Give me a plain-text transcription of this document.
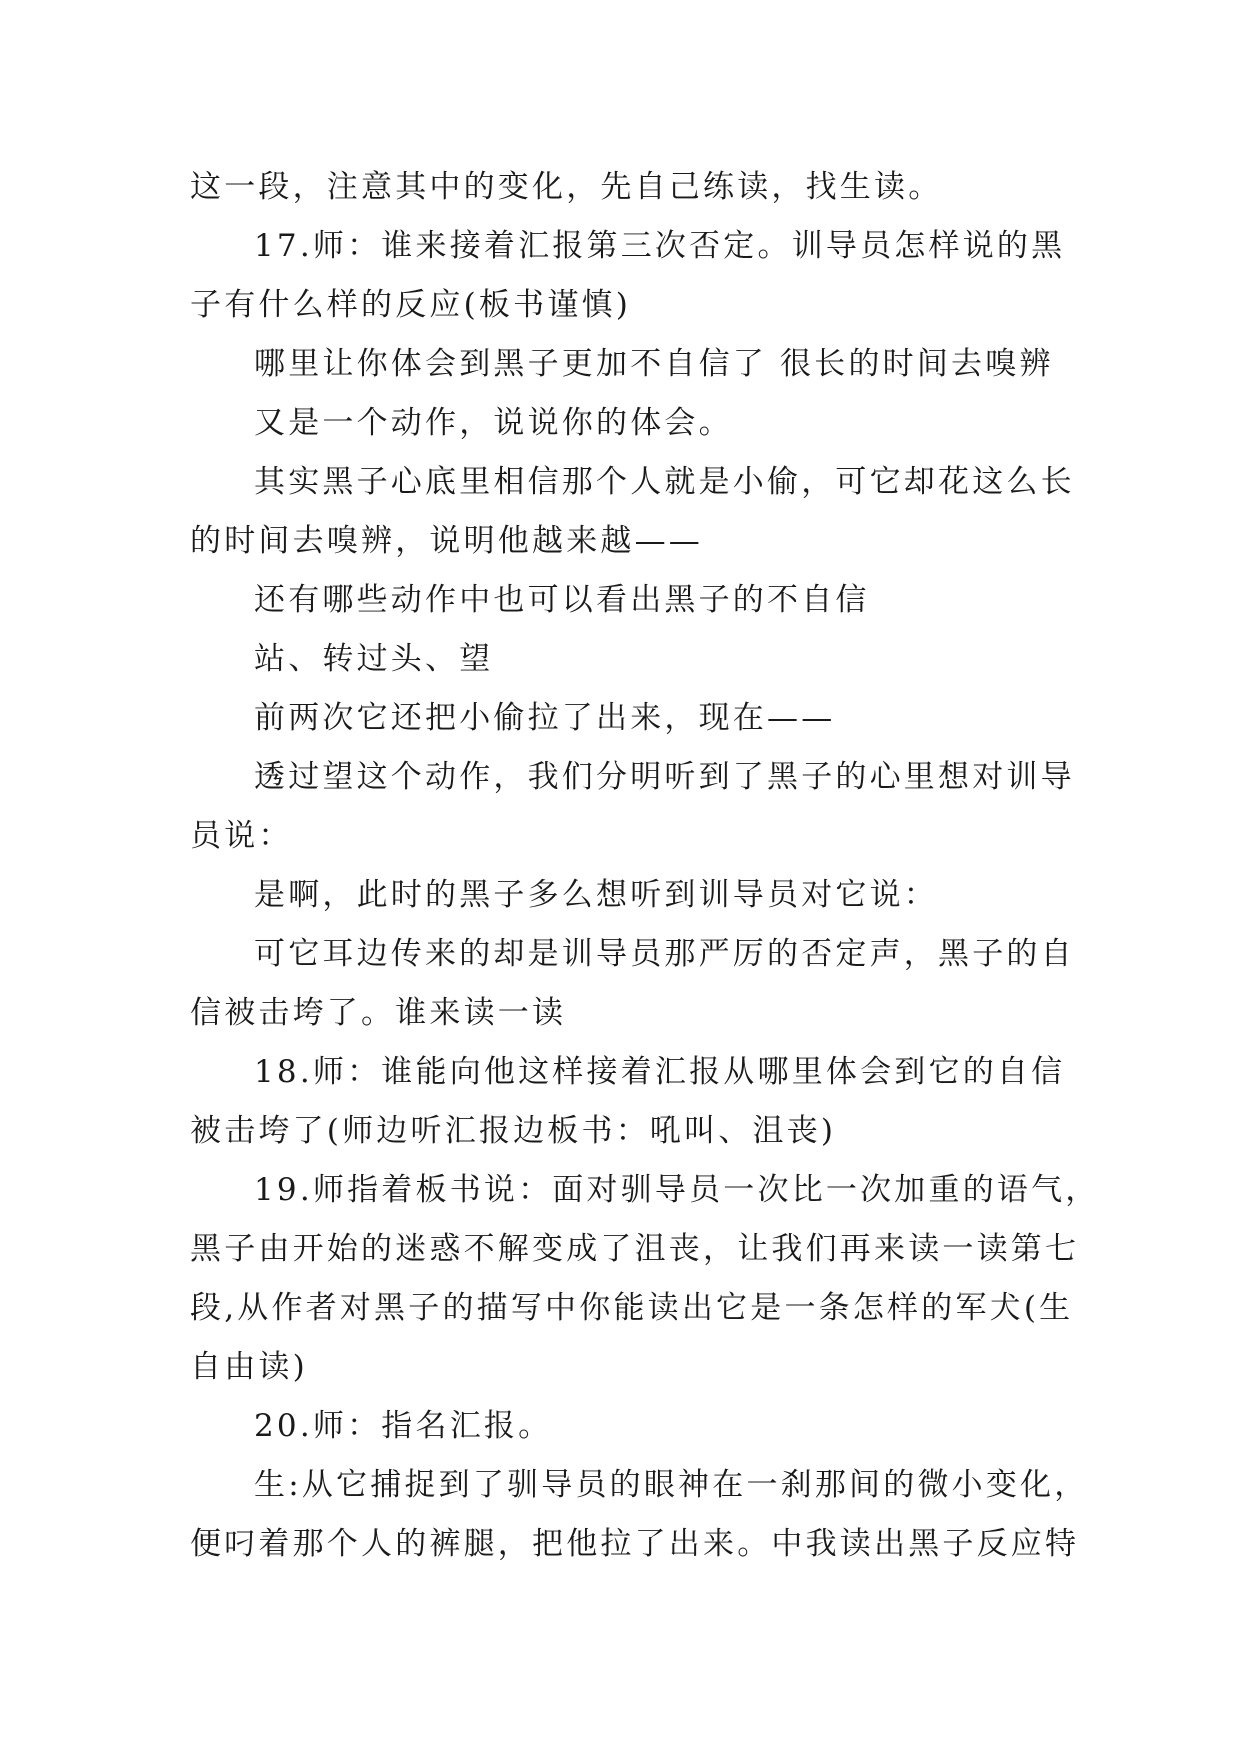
这一段，注意其中的变化，先自己练读，找生读。
17.师：谁来接着汇报第三次否定。训导员怎样说的黑
子有什么样的反应(板书谨慎)
哪里让你体会到黑子更加不自信了 很长的时间去嗅辨
又是一个动作，说说你的体会。
其实黑子心底里相信那个人就是小偷，可它却花这么长
的时间去嗅辨，说明他越来越——
还有哪些动作中也可以看出黑子的不自信
站、转过头、望
前两次它还把小偷拉了出来，现在——
透过望这个动作，我们分明听到了黑子的心里想对训导
员说：
是啊，此时的黑子多么想听到训导员对它说：
可它耳边传来的却是训导员那严厉的否定声，黑子的自
信被击垮了。谁来读一读
18.师：谁能向他这样接着汇报从哪里体会到它的自信
被击垮了(师边听汇报边板书：吼叫、沮丧)
19.师指着板书说：面对驯导员一次比一次加重的语气，
黑子由开始的迷惑不解变成了沮丧，让我们再来读一读第七
段,从作者对黑子的描写中你能读出它是一条怎样的军犬(生
自由读)
20.师：指名汇报。
生:从它捕捉到了驯导员的眼神在一刹那间的微小变化，
便叼着那个人的裤腿，把他拉了出来。中我读出黑子反应特
